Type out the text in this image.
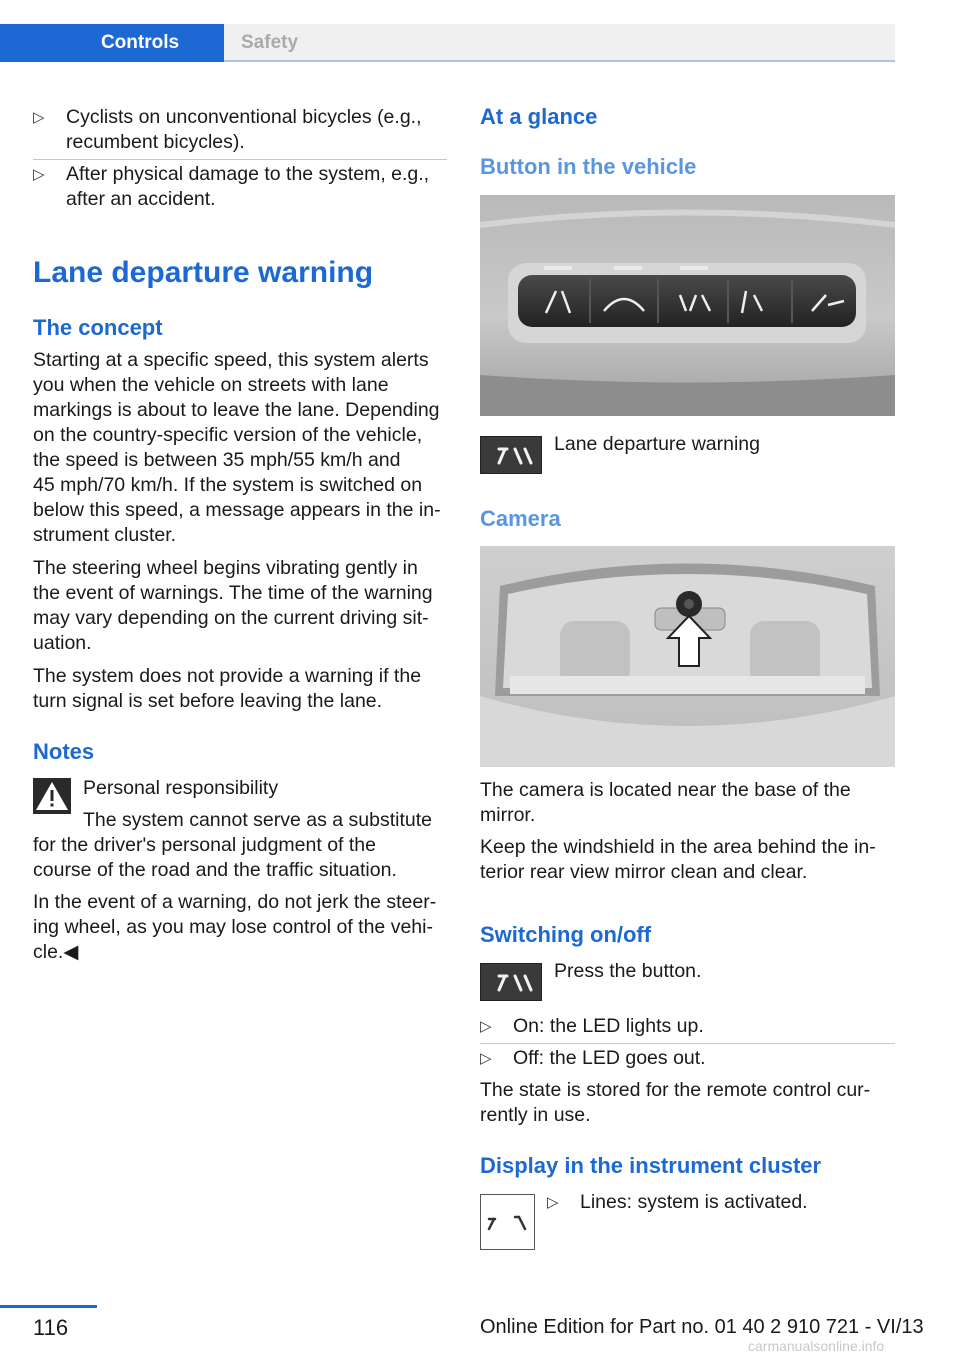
Controls	Safety
▷ Cyclists on unconventional bicycles (e.g.,
recumbent bicycles).
▷ After physical damage to the system, e.g.,
after an accident.
Lane departure warning
The concept
Starting at a specific speed, this system alerts
you when the vehicle on streets with lane
markings is about to leave the lane. Depending
on the country-specific version of the vehicle,
the speed is between 35 mph/55 km/h and
45 mph/70 km/h. If the system is switched on
below this speed, a message appears in the in‐
strument cluster.
The steering wheel begins vibrating gently in
the event of warnings. The time of the warning
may vary depending on the current driving sit‐
uation.
The system does not provide a warning if the
turn signal is set before leaving the lane.
Notes
Personal responsibility
The system cannot serve as a substitute
for the driver's personal judgment of the
course of the road and the traffic situation.
In the event of a warning, do not jerk the steer‐
ing wheel, as you may lose control of the vehi‐
cle.◀
At a glance
Button in the vehicle
Lane departure warning
Camera
The camera is located near the base of the
mirror.
Keep the windshield in the area behind the in‐
terior rear view mirror clean and clear.
Switching on/off
Press the button.
▷ On: the LED lights up.
▷ Off: the LED goes out.
The state is stored for the remote control cur‐
rently in use.
Display in the instrument cluster
▷ Lines: system is activated.
116	Online Edition for Part no. 01 40 2 910 721 - VI/13
carmanualsonline.info
